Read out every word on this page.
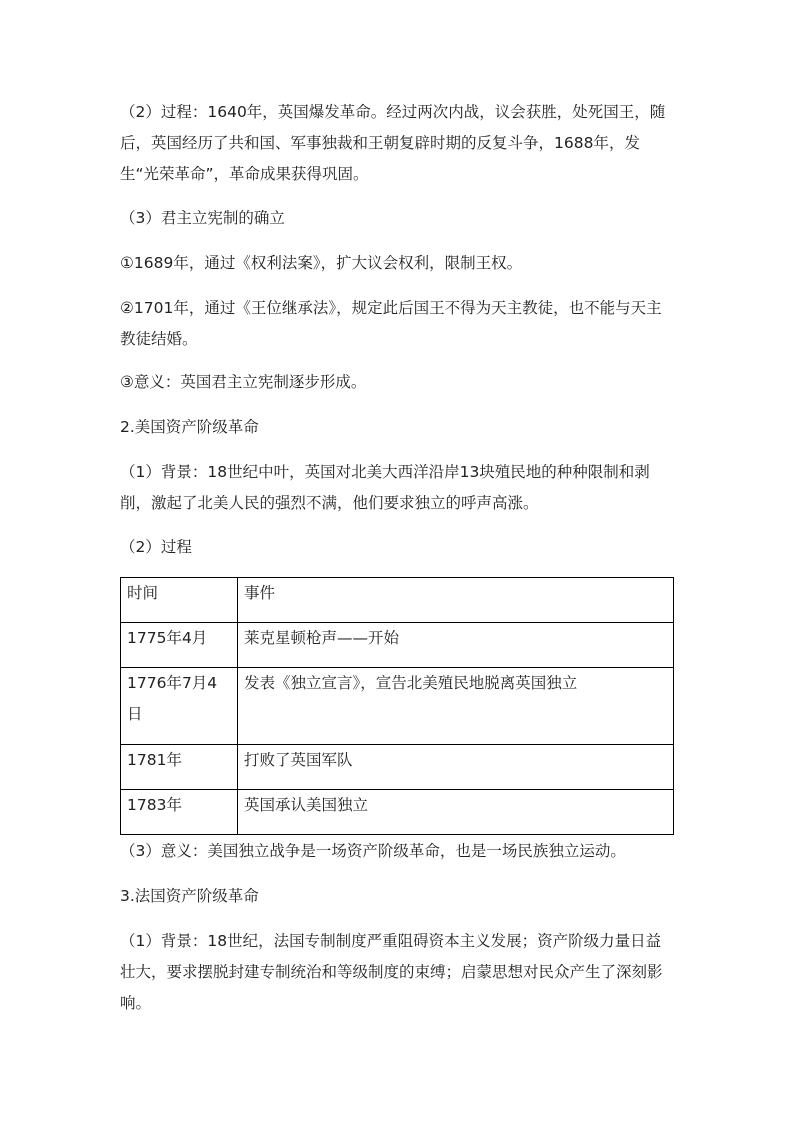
（2）过程：1640年，英国爆发革命。经过两次内战，议会获胜，处死国王，随后，英国经历了共和国、军事独裁和王朝复辟时期的反复斗争，1688年，发生“光荣革命”，革命成果获得巩固。

（3）君主立宪制的确立

①1689年，通过《权利法案》，扩大议会权利，限制王权。

②1701年，通过《王位继承法》，规定此后国王不得为天主教徒，也不能与天主教徒结婚。

③意义：英国君主立宪制逐步形成。

2.美国资产阶级革命

（1）背景：18世纪中叶，英国对北美大西洋沿岸13块殖民地的种种限制和剥削，激起了北美人民的强烈不满，他们要求独立的呼声高涨。

（2）过程

时间	事件
1775年4月	莱克星顿枪声——开始
1776年7月4日	发表《独立宣言》，宣告北美殖民地脱离英国独立
1781年	打败了英国军队
1783年	英国承认美国独立

（3）意义：美国独立战争是一场资产阶级革命，也是一场民族独立运动。

3.法国资产阶级革命

（1）背景：18世纪，法国专制制度严重阻碍资本主义发展；资产阶级力量日益壮大，要求摆脱封建专制统治和等级制度的束缚；启蒙思想对民众产生了深刻影响。
